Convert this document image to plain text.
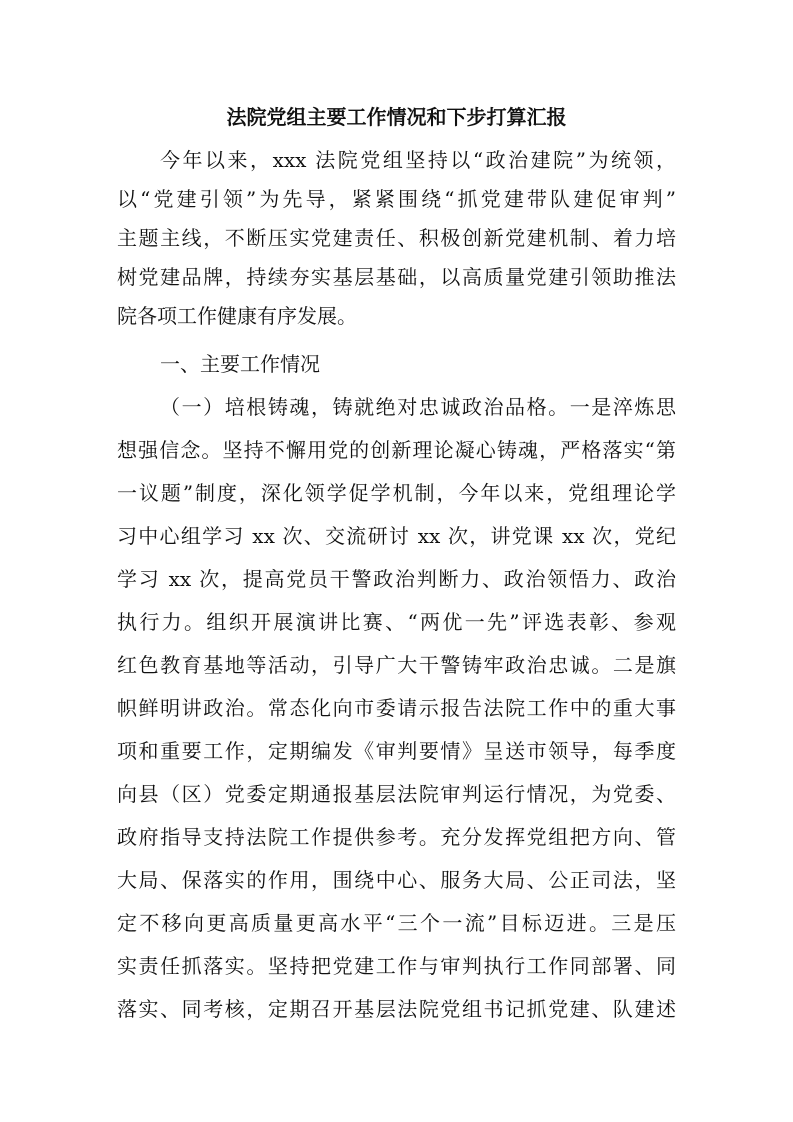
法院党组主要工作情况和下步打算汇报
今年以来，xxx 法院党组坚持以“政治建院”为统领，
以“党建引领”为先导，紧紧围绕“抓党建带队建促审判”
主题主线，不断压实党建责任、积极创新党建机制、着力培
树党建品牌，持续夯实基层基础，以高质量党建引领助推法
院各项工作健康有序发展。
一、主要工作情况
（一）培根铸魂，铸就绝对忠诚政治品格。一是淬炼思
想强信念。坚持不懈用党的创新理论凝心铸魂，严格落实“第
一议题”制度，深化领学促学机制，今年以来，党组理论学
习中心组学习 xx 次、交流研讨 xx 次，讲党课 xx 次，党纪
学习 xx 次，提高党员干警政治判断力、政治领悟力、政治
执行力。组织开展演讲比赛、“两优一先”评选表彰、参观
红色教育基地等活动，引导广大干警铸牢政治忠诚。二是旗
帜鲜明讲政治。常态化向市委请示报告法院工作中的重大事
项和重要工作，定期编发《审判要情》呈送市领导，每季度
向县（区）党委定期通报基层法院审判运行情况，为党委、
政府指导支持法院工作提供参考。充分发挥党组把方向、管
大局、保落实的作用，围绕中心、服务大局、公正司法，坚
定不移向更高质量更高水平“三个一流”目标迈进。三是压
实责任抓落实。坚持把党建工作与审判执行工作同部署、同
落实、同考核，定期召开基层法院党组书记抓党建、队建述
